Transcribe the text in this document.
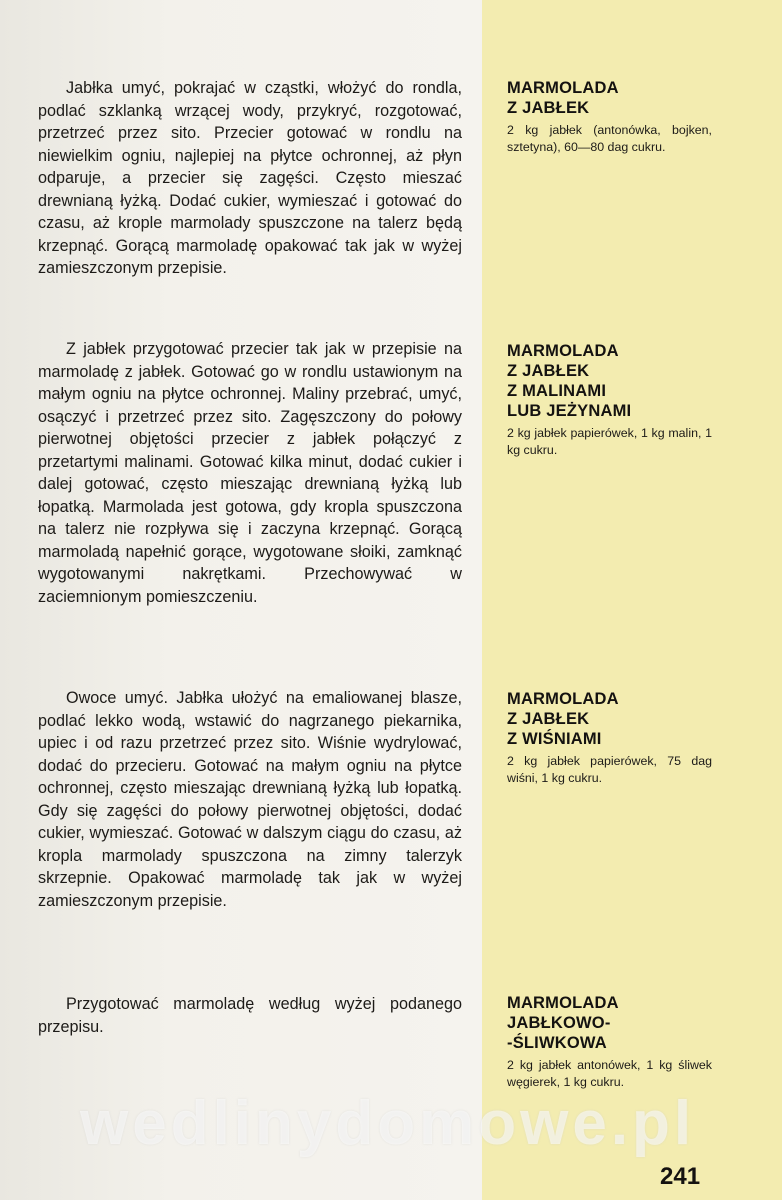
Jabłka umyć, pokrajać w cząstki, włożyć do rondla, podlać szklanką wrzącej wody, przykryć, rozgotować, przetrzeć przez sito. Przecier gotować w rondlu na niewielkim ogniu, najlepiej na płytce ochronnej, aż płyn odparuje, a przecier się zagęści. Często mieszać drewnianą łyżką. Dodać cukier, wymieszać i gotować do czasu, aż krople marmolady spuszczone na talerz będą krzepnąć. Gorącą marmoladę opakować tak jak w wyżej zamieszczonym przepisie.

MARMOLADA
Z JABŁEK

2 kg jabłek (antonówka, bojken, sztetyna), 60—80 dag cukru.

Z jabłek przygotować przecier tak jak w przepisie na marmoladę z jabłek. Gotować go w rondlu ustawionym na małym ogniu na płytce ochronnej. Maliny przebrać, umyć, osączyć i przetrzeć przez sito. Zagęszczony do połowy pierwotnej objętości przecier z jabłek połączyć z przetartymi malinami. Gotować kilka minut, dodać cukier i dalej gotować, często mieszając drewnianą łyżką lub łopatką. Marmolada jest gotowa, gdy kropla spuszczona na talerz nie rozpływa się i zaczyna krzepnąć. Gorącą marmoladą napełnić gorące, wygotowane słoiki, zamknąć wygotowanymi nakrętkami. Przechowywać w zaciemnionym pomieszczeniu.

MARMOLADA
Z JABŁEK
Z MALINAMI
LUB JEŻYNAMI

2 kg jabłek papierówek, 1 kg malin, 1 kg cukru.

Owoce umyć. Jabłka ułożyć na emaliowanej blasze, podlać lekko wodą, wstawić do nagrzanego piekarnika, upiec i od razu przetrzeć przez sito. Wiśnie wydrylować, dodać do przecieru. Gotować na małym ogniu na płytce ochronnej, często mieszając drewnianą łyżką lub łopatką. Gdy się zagęści do połowy pierwotnej objętości, dodać cukier, wymieszać. Gotować w dalszym ciągu do czasu, aż kropla marmolady spuszczona na zimny talerzyk skrzepnie. Opakować marmoladę tak jak w wyżej zamieszczonym przepisie.

MARMOLADA
Z JABŁEK
Z WIŚNIAMI

2 kg jabłek papierówek, 75 dag wiśni, 1 kg cukru.

Przygotować marmoladę według wyżej podanego przepisu.

MARMOLADA
JABŁKOWO-
-ŚLIWKOWA

2 kg jabłek antonówek, 1 kg śliwek węgierek, 1 kg cukru.

wedlinydomowe.pl
241
